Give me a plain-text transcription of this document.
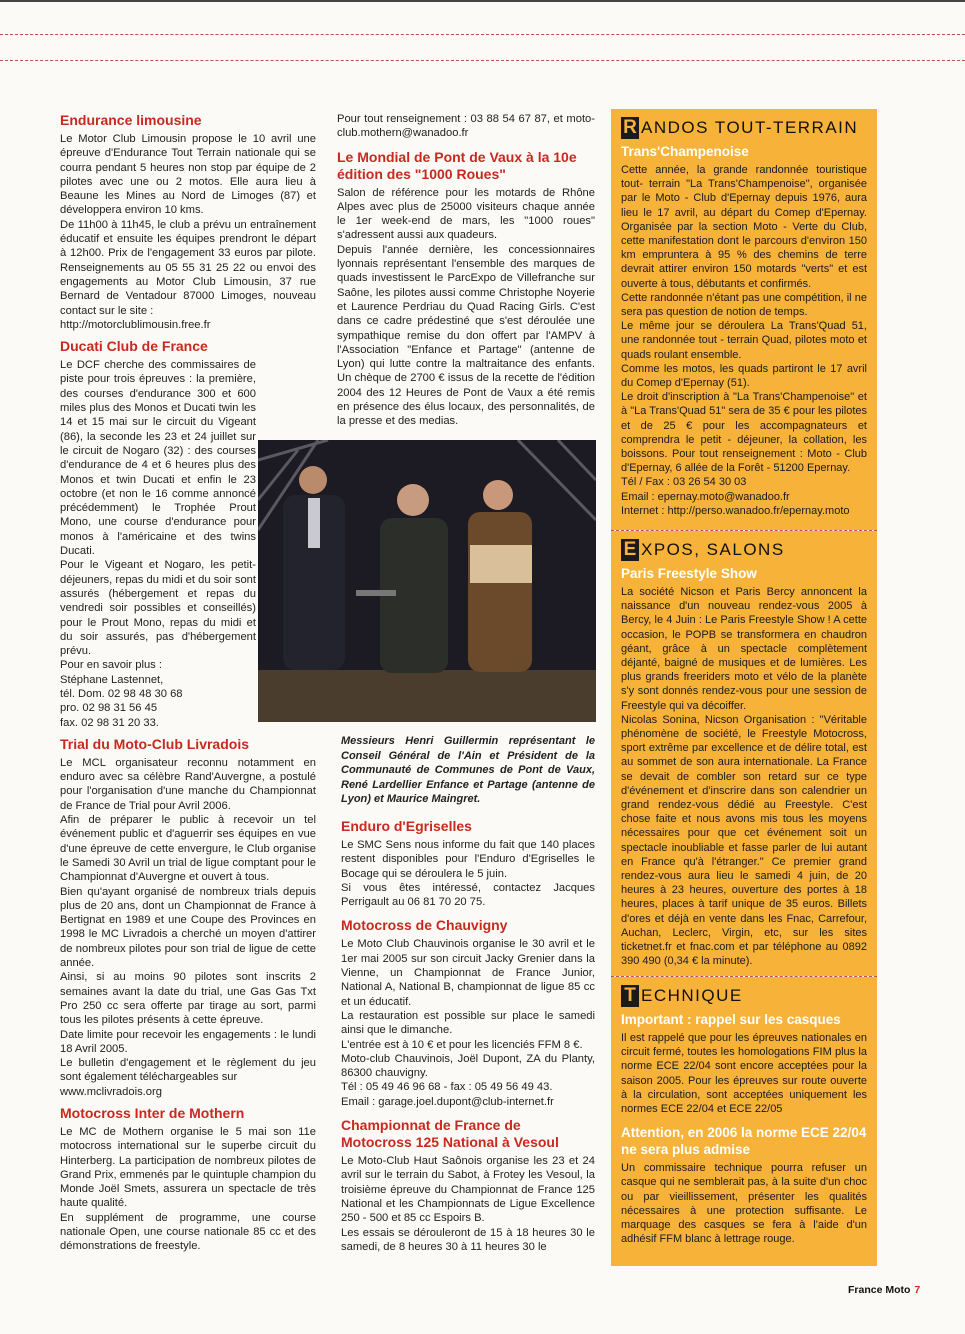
Endurance limousine

Le Motor Club Limousin propose le 10 avril une épreuve d'Endurance Tout Terrain nationale qui se courra pendant 5 heures non stop par équipe de 2 pilotes avec une ou 2 motos. Elle aura lieu à Beaune les Mines au Nord de Limoges (87) et développera environ 10 kms.
De 11h00 à 11h45, le club a prévu un entraînement éducatif et ensuite les équipes prendront le départ à 12h00. Prix de l'engagement 33 euros par pilote. Renseignements au 05 55 31 25 22 ou envoi des engagements au Motor Club Limousin, 37 rue Bernard de Ventadour 87000 Limoges, nouveau contact sur le site :
http://motorclublimousin.free.fr

Ducati Club de France

Le DCF cherche des commissaires de piste pour trois épreuves : la première, des courses d'endurance 300 et 600 miles plus des Monos et Ducati twin les 14 et 15 mai sur le circuit du Vigeant (86), la seconde les 23 et 24 juillet sur le circuit de Nogaro (32) : des courses d'endurance de 4 et 6 heures plus des Monos et twin Ducati et enfin le 23 octobre (et non le 16 comme annoncé précédemment) le Trophée Prout Mono, une course d'endurance pour monos à l'américaine et des twins Ducati.
Pour le Vigeant et Nogaro, les petit-déjeuners, repas du midi et du soir sont assurés (hébergement et repas du vendredi soir possibles et conseillés) pour le Prout Mono, repas du midi et du soir assurés, pas d'hébergement prévu.
Pour en savoir plus :
Stéphane Lastennet,
tél. Dom. 02 98 48 30 68
pro. 02 98 31 56 45
fax. 02 98 31 20 33.

Trial du Moto-Club Livradois

Le MCL organisateur reconnu notamment en enduro avec sa célèbre Rand'Auvergne, a postulé pour l'organisation d'une manche du Championnat de France de Trial pour Avril 2006.
Afin de préparer le public à recevoir un tel événement public et d'aguerrir ses équipes en vue d'une épreuve de cette envergure, le Club organise le Samedi 30 Avril un trial de ligue comptant pour le Championnat d'Auvergne et ouvert à tous.
Bien qu'ayant organisé de nombreux trials depuis plus de 20 ans, dont un Championnat de France à Bertignat en 1989 et une Coupe des Provinces en 1998 le MC Livradois a cherché un moyen d'attirer de nombreux pilotes pour son trial de ligue de cette année.
Ainsi, si au moins 90 pilotes sont inscrits 2 semaines avant la date du trial, une Gas Gas Txt Pro 250 cc sera offerte par tirage au sort, parmi tous les pilotes présents à cette épreuve.
Date limite pour recevoir les engagements : le lundi 18 Avril 2005.
Le bulletin d'engagement et le règlement du jeu sont également téléchargeables sur
www.mclivradois.org

Motocross Inter de Mothern

Le MC de Mothern organise le 5 mai son 11e motocross international sur le superbe circuit du Hinterberg. La participation de nombreux pilotes de Grand Prix, emmenés par le quintuple champion du Monde Joël Smets, assurera un spectacle de très haute qualité.
En supplément de programme, une course nationale Open, une course nationale 85 cc et des démonstrations de freestyle.

Pour tout renseignement : 03 88 54 67 87, et moto-club.mothern@wanadoo.fr

Le Mondial de Pont de Vaux à la 10e édition des "1000 Roues"

Salon de référence pour les motards de Rhône Alpes avec plus de 25000 visiteurs chaque année le 1er week-end de mars, les "1000 roues" s'adressent aussi aux quadeurs.
Depuis l'année dernière, les concessionnaires lyonnais représentant l'ensemble des marques de quads investissent le ParcExpo de Villefranche sur Saône, les pilotes aussi comme Christophe Noyerie et Laurence Perdriau du Quad Racing Girls. C'est dans ce cadre prédestiné que s'est déroulée une sympathique remise du don offert par l'AMPV à l'Association "Enfance et Partage" (antenne de Lyon) qui lutte contre la maltraitance des enfants. Un chèque de 2700 € issus de la recette de l'édition 2004 des 12 Heures de Pont de Vaux a été remis en présence des élus locaux, des personnalités, de la presse et des medias.

Messieurs Henri Guillermin représentant le Conseil Général de l'Ain et Président de la Communauté de Communes de Pont de Vaux, René Lardellier Enfance et Partage (antenne de Lyon) et Maurice Maingret.
Enduro d'Egriselles

Le SMC Sens nous informe du fait que 140 places restent disponibles pour l'Enduro d'Egriselles le Bocage qui se déroulera le 5 juin.
Si vous êtes intéressé, contactez Jacques Perrigault au 06 81 70 20 75.

Motocross de Chauvigny

Le Moto Club Chauvinois organise le 30 avril et le 1er mai 2005 sur son circuit Jacky Grenier dans la Vienne, un Championnat de France Junior, National A, National B, championnat de ligue 85 cc et un éducatif.
La restauration est possible sur place le samedi ainsi que le dimanche.
L'entrée est à 10 € et pour les licenciés FFM 8 €.
Moto-club Chauvinois, Joël Dupont, ZA du Planty, 86300 chauvigny.
Tél : 05 49 46 96 68 - fax : 05 49 56 49 43.
Email : garage.joel.dupont@club-internet.fr

Championnat de France de Motocross 125 National à Vesoul

Le Moto-Club Haut Saônois organise les 23 et 24 avril sur le terrain du Sabot, à Frotey les Vesoul, la troisième épreuve du Championnat de France 125 National et les Championnats de Ligue Excellence 250 - 500 et 85 cc Espoirs B.
Les essais se dérouleront de 15 à 18 heures 30 le samedi, de 8 heures 30 à 11 heures 30 le

R ANDOS TOUT-TERRAIN
Trans'Champenoise

Cette année, la grande randonnée touristique tout- terrain "La Trans'Champenoise", organisée par le Moto - Club d'Epernay depuis 1976, aura lieu le 17 avril, au départ du Comep d'Epernay. Organisée par la section Moto - Verte du Club, cette manifestation dont le parcours d'environ 150 km empruntera à 95 % des chemins de terre devrait attirer environ 150 motards "verts" et est ouverte à tous, débutants et confirmés.
Cette randonnée n'étant pas une compétition, il ne sera pas question de notion de temps.
Le même jour se déroulera La Trans'Quad 51, une randonnée tout - terrain Quad, pilotes moto et quads roulant ensemble.
Comme les motos, les quads partiront le 17 avril du Comep d'Epernay (51).
Le droit d'inscription à "La Trans'Champenoise" et à "La Trans'Quad 51" sera de 35 € pour les pilotes et de 25 € pour les accompagnateurs et comprendra le petit - déjeuner, la collation, les boissons. Pour tout renseignement : Moto - Club d'Epernay, 6 allée de la Forêt - 51200 Epernay.
Tél / Fax : 03 26 54 30 03
Email : epernay.moto@wanadoo.fr
Internet : http://perso.wanadoo.fr/epernay.moto

E XPOS, SALONS
Paris Freestyle Show

La société Nicson et Paris Bercy annoncent la naissance d'un nouveau rendez-vous 2005 à Bercy, le 4 Juin : Le Paris Freestyle Show ! A cette occasion, le POPB se transformera en chaudron géant, grâce à un spectacle complètement déjanté, baigné de musiques et de lumières. Les plus grands freeriders moto et vélo de la planète s'y sont donnés rendez-vous pour une session de Freestyle qui va décoiffer.
Nicolas Sonina, Nicson Organisation : "Véritable phénomène de société, le Freestyle Motocross, sport extrême par excellence et de délire total, est au sommet de son aura internationale. La France se devait de combler son retard sur ce type d'événement et d'inscrire dans son calendrier un grand rendez-vous dédié au Freestyle. C'est chose faite et nous avons mis tous les moyens nécessaires pour que cet événement soit un spectacle inoubliable et fasse parler de lui autant en France qu'à l'étranger." Ce premier grand rendez-vous aura lieu le samedi 4 juin, de 20 heures à 23 heures, ouverture des portes à 18 heures, places à tarif unique de 35 euros. Billets d'ores et déjà en vente dans les Fnac, Carrefour, Auchan, Leclerc, Virgin, etc, sur les sites ticketnet.fr et fnac.com et par téléphone au 0892 390 490 (0,34 € la minute).

T ECHNIQUE
Important : rappel sur les casques

Il est rappelé que pour les épreuves nationales en circuit fermé, toutes les homologations FIM plus la norme ECE 22/04 sont encore acceptées pour la saison 2005. Pour les épreuves sur route ouverte à la circulation, sont acceptées uniquement les normes ECE 22/04 et ECE 22/05

Attention, en 2006 la norme ECE 22/04 ne sera plus admise

Un commissaire technique pourra refuser un casque qui ne semblerait pas, à la suite d'un choc ou par vieillissement, présenter les qualités nécessaires à une protection suffisante. Le marquage des casques se fera à l'aide d'un adhésif FFM blanc à lettrage rouge.

France Moto 7
